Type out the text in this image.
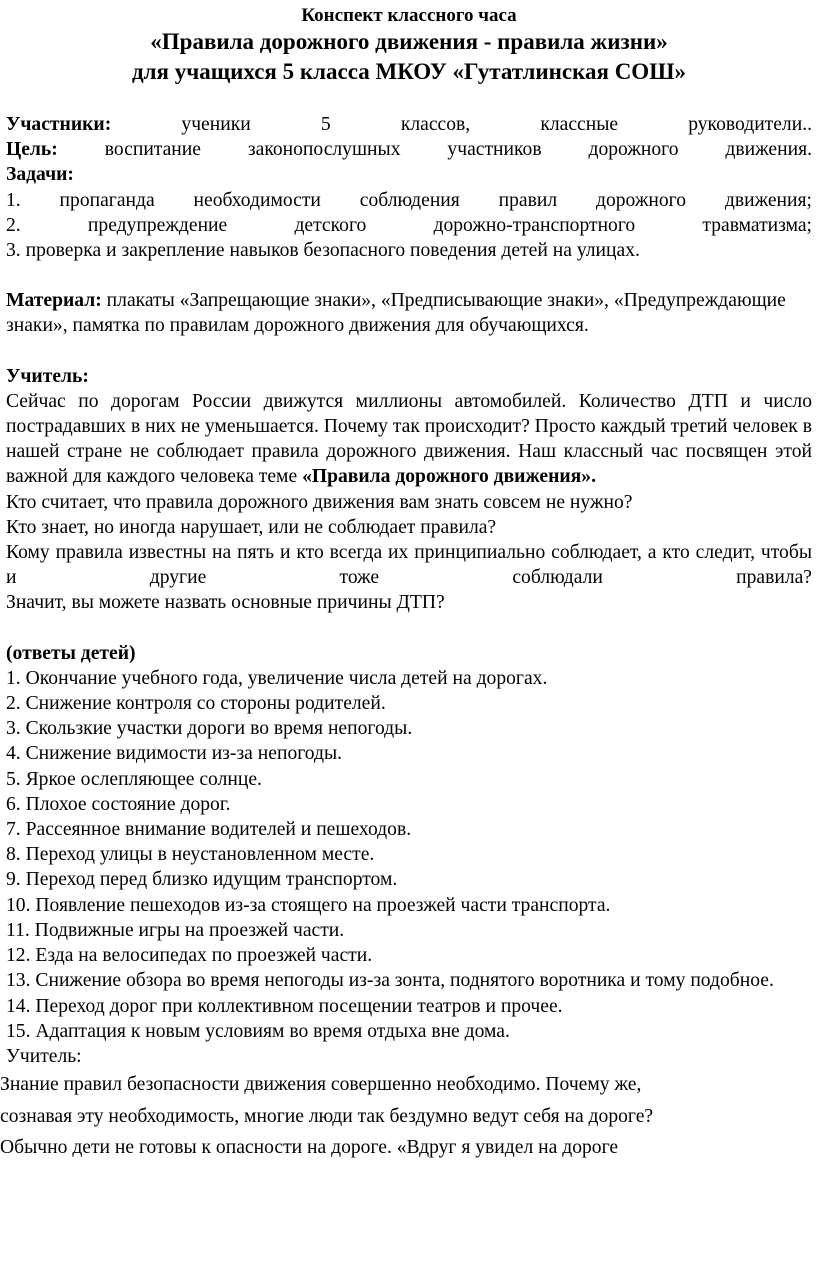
Конспект классного часа
«Правила дорожного движения - правила жизни»
для учащихся 5 класса МКОУ «Гутатлинская СОШ»

Участники: ученики 5 классов, классные руководители..

Цель: воспитание законопослушных участников дорожного движения.

Задачи:

1. пропаганда необходимости соблюдения правил дорожного движения;

2. предупреждение детского дорожно-транспортного травматизма;

3. проверка и закрепление навыков безопасного поведения детей на улицах.

Материал: плакаты «Запрещающие знаки», «Предписывающие знаки», «Предупреждающие знаки», памятка по правилам дорожного движения для обучающихся.

Учитель:

Сейчас по дорогам России движутся миллионы автомобилей. Количество ДТП и число пострадавших в них не уменьшается. Почему так происходит? Просто каждый третий человек в нашей стране не соблюдает правила дорожного движения. Наш классный час посвящен этой важной для каждого человека теме «Правила дорожного движения».

Кто считает, что правила дорожного движения вам знать совсем не нужно?

Кто знает, но иногда нарушает, или не соблюдает правила?

Кому правила известны на пять и кто всегда их принципиально соблюдает, а кто следит, чтобы и другие тоже соблюдали правила?

Значит, вы можете назвать основные причины ДТП?

(ответы детей)

1. Окончание учебного года, увеличение числа детей на дорогах.

2. Снижение контроля со стороны родителей.

3. Скользкие участки дороги во время непогоды.

4. Снижение видимости из-за непогоды.

5. Яркое ослепляющее солнце.

6. Плохое состояние дорог.

7. Рассеянное внимание водителей и пешеходов.

8. Переход улицы в неустановленном месте.

9. Переход перед близко идущим транспортом.

10. Появление пешеходов из-за стоящего на проезжей части транспорта.

11. Подвижные игры на проезжей части.

12. Езда на велосипедах по проезжей части.

13. Снижение обзора во время непогоды из-за зонта, поднятого воротника и тому подобное.

14. Переход дорог при коллективном посещении театров и прочее.

15. Адаптация к новым условиям во время отдыха вне дома.

Учитель:

Знание правил безопасности движения совершенно необходимо. Почему же,

сознавая эту необходимость, многие люди так бездумно ведут себя на дороге?

Обычно дети не готовы к опасности на дороге. «Вдруг я увидел на дороге
